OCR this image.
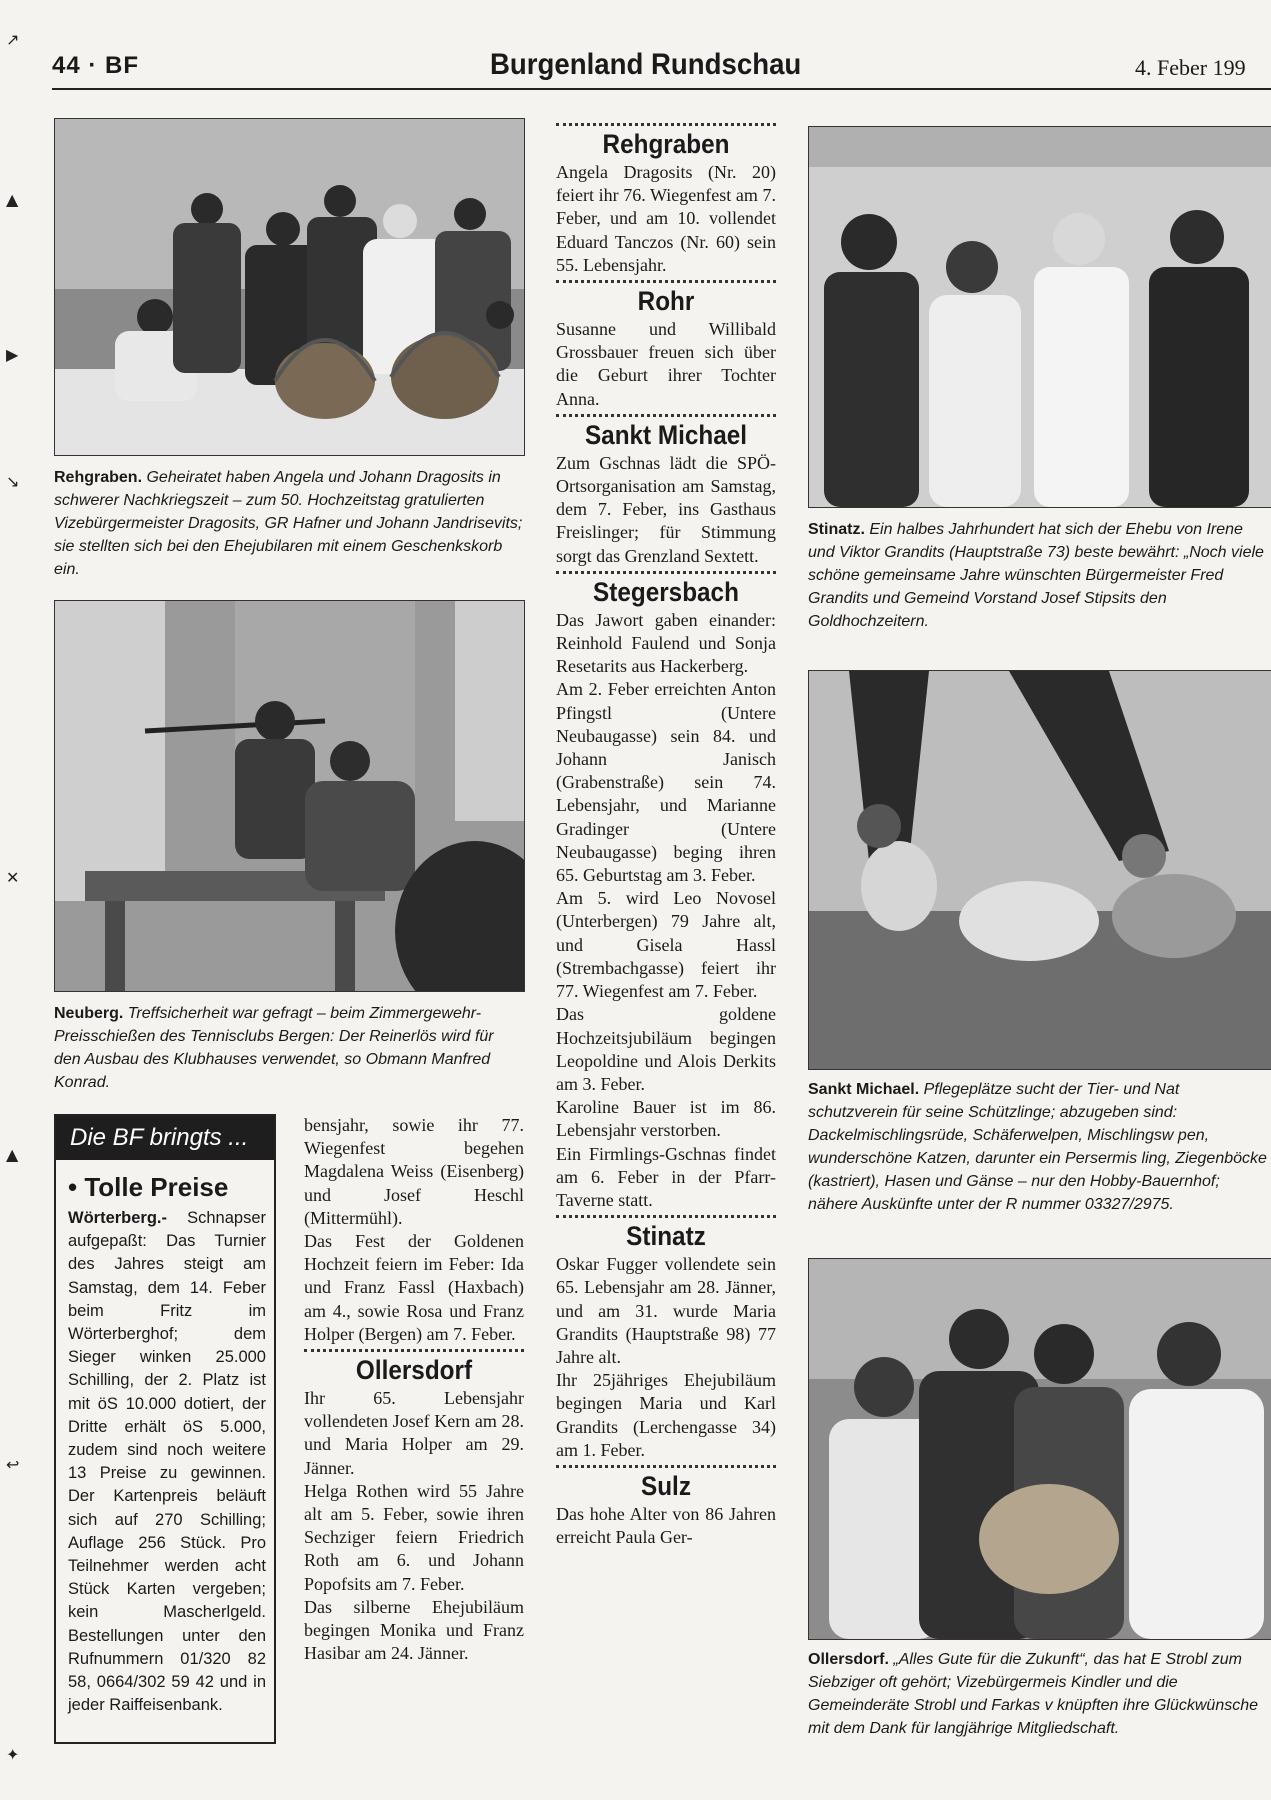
↗
▲
▶
↘
✕
▲
↩
✦
44 · BF	Burgenland Rundschau	4. Feber 199
Rehgraben. Geheiratet haben Angela und Johann Dragosits in schwerer Nachkriegszeit – zum 50. Hochzeitstag gratulierten Vizebürgermeister Dragosits, GR Hafner und Johann Jandrisevits; sie stellten sich bei den Ehejubilaren mit einem Geschenkskorb ein.
Neuberg. Treffsicherheit war gefragt – beim Zimmergewehr-Preisschießen des Tennisclubs Bergen: Der Reinerlös wird für den Ausbau des Klubhauses verwendet, so Obmann Manfred Konrad.
Die BF bringts ...
• Tolle Preise
Wörterberg.- Schnapser aufgepaßt: Das Turnier des Jahres steigt am Samstag, dem 14. Feber beim Fritz im Wörterberghof; dem Sieger winken 25.000 Schilling, der 2. Platz ist mit öS 10.000 dotiert, der Dritte erhält öS 5.000, zudem sind noch weitere 13 Preise zu gewinnen. Der Kartenpreis beläuft sich auf 270 Schilling; Auflage 256 Stück. Pro Teilnehmer werden acht Stück Karten vergeben; kein Mascherlgeld. Bestellungen unter den Rufnummern 01/320 82 58, 0664/302 59 42 und in jeder Raiffeisenbank.

bensjahr, sowie ihr 77. Wiegenfest begehen Magdalena Weiss (Eisenberg) und Josef Heschl (Mittermühl).

Das Fest der Goldenen Hochzeit feiern im Feber: Ida und Franz Fassl (Haxbach) am 4., sowie Rosa und Franz Holper (Bergen) am 7. Feber.

Ollersdorf

Ihr 65. Lebensjahr vollendeten Josef Kern am 28. und Maria Holper am 29. Jänner.

Helga Rothen wird 55 Jahre alt am 5. Feber, sowie ihren Sechziger feiern Friedrich Roth am 6. und Johann Popofsits am 7. Feber.

Das silberne Ehejubiläum begingen Monika und Franz Hasibar am 24. Jänner.

Rehgraben

Angela Dragosits (Nr. 20) feiert ihr 76. Wiegenfest am 7. Feber, und am 10. vollendet Eduard Tanczos (Nr. 60) sein 55. Lebensjahr.

Rohr

Susanne und Willibald Grossbauer freuen sich über die Geburt ihrer Tochter Anna.

Sankt Michael

Zum Gschnas lädt die SPÖ-Ortsorganisation am Samstag, dem 7. Feber, ins Gasthaus Freislinger; für Stimmung sorgt das Grenzland Sextett.

Stegersbach

Das Jawort gaben einander: Reinhold Faulend und Sonja Resetarits aus Hackerberg.

Am 2. Feber erreichten Anton Pfingstl (Untere Neubaugasse) sein 84. und Johann Janisch (Grabenstraße) sein 74. Lebensjahr, und Marianne Gradinger (Untere Neubaugasse) beging ihren 65. Geburtstag am 3. Feber.

Am 5. wird Leo Novosel (Unterbergen) 79 Jahre alt, und Gisela Hassl (Strembachgasse) feiert ihr 77. Wiegenfest am 7. Feber.

Das goldene Hochzeitsjubiläum begingen Leopoldine und Alois Derkits am 3. Feber.

Karoline Bauer ist im 86. Lebensjahr verstorben.

Ein Firmlings-Gschnas findet am 6. Feber in der Pfarr-Taverne statt.

Stinatz

Oskar Fugger vollendete sein 65. Lebensjahr am 28. Jänner, und am 31. wurde Maria Grandits (Hauptstraße 98) 77 Jahre alt.

Ihr 25jähriges Ehejubiläum begingen Maria und Karl Grandits (Lerchengasse 34) am 1. Feber.

Sulz

Das hohe Alter von 86 Jahren erreicht Paula Ger-

Stinatz. Ein halbes Jahrhundert hat sich der Ehebu von Irene und Viktor Grandits (Hauptstraße 73) beste bewährt: „Noch viele schöne gemeinsame Jahre wünschten Bürgermeister Fred Grandits und Gemeind Vorstand Josef Stipsits den Goldhochzeitern.
Sankt Michael. Pflegeplätze sucht der Tier- und Nat schutzverein für seine Schützlinge; abzugeben sind: Dackelmischlingsrüde, Schäferwelpen, Mischlingsw pen, wunderschöne Katzen, darunter ein Persermis ling, Ziegenböcke (kastriert), Hasen und Gänse – nur den Hobby-Bauernhof; nähere Auskünfte unter der R nummer 03327/2975.
Ollersdorf. „Alles Gute für die Zukunft“, das hat E Strobl zum Siebziger oft gehört; Vizebürgermeis Kindler und die Gemeinderäte Strobl und Farkas v knüpften ihre Glückwünsche mit dem Dank für langjährige Mitgliedschaft.
